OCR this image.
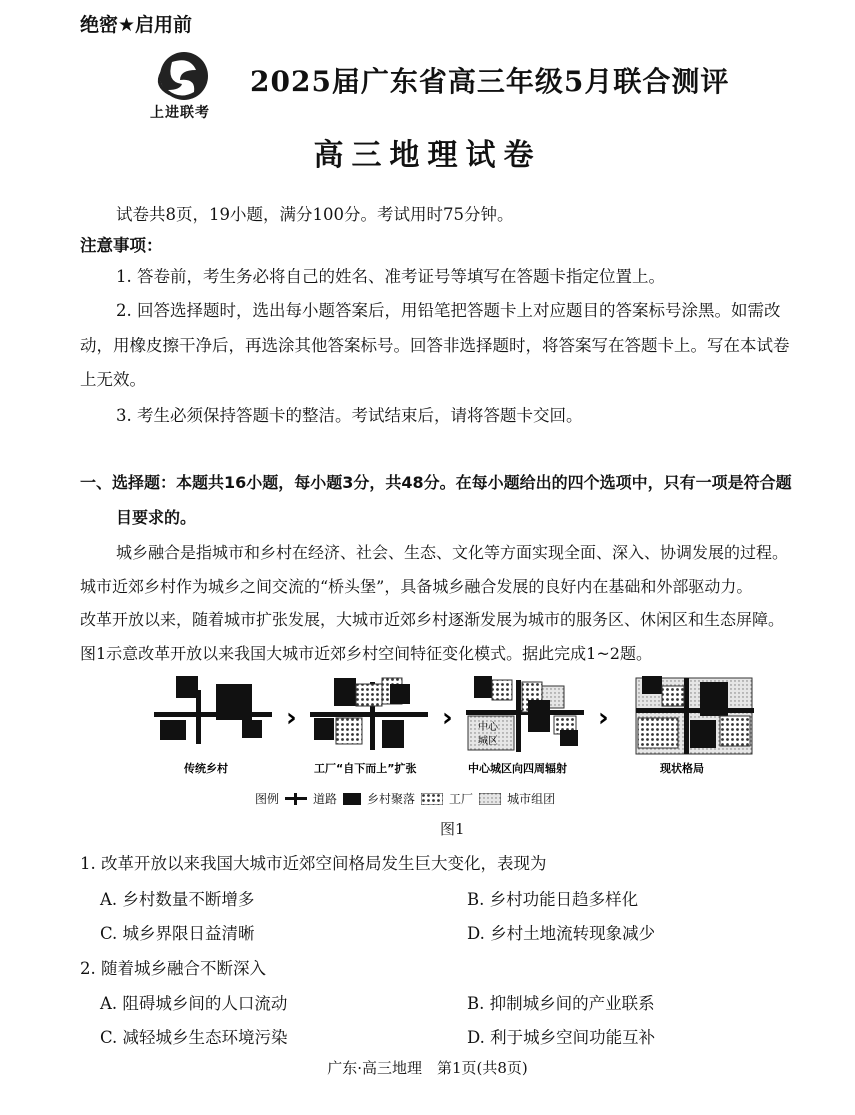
绝密★启用前
上进联考
2025届广东省高三年级5月联合测评
高三地理试卷
试卷共8页，19小题，满分100分。考试用时75分钟。
注意事项：
1. 答卷前，考生务必将自己的姓名、准考证号等填写在答题卡指定位置上。
2. 回答选择题时，选出每小题答案后，用铅笔把答题卡上对应题目的答案标号涂黑。如需改
动，用橡皮擦干净后，再选涂其他答案标号。回答非选择题时，将答案写在答题卡上。写在本试卷
上无效。
3. 考生必须保持答题卡的整洁。考试结束后，请将答题卡交回。
一、选择题：本题共16小题，每小题3分，共48分。在每小题给出的四个选项中，只有一项是符合题
目要求的。
城乡融合是指城市和乡村在经济、社会、生态、文化等方面实现全面、深入、协调发展的过程。
城市近郊乡村作为城乡之间交流的“桥头堡”，具备城乡融合发展的良好内在基础和外部驱动力。
改革开放以来，随着城市扩张发展，大城市近郊乡村逐渐发展为城市的服务区、休闲区和生态屏障。
图1示意改革开放以来我国大城市近郊乡村空间特征变化模式。据此完成1~2题。
›	›	中心
城区
›
传统乡村	工厂“自下而上”扩张	中心城区向四周辐射	现状格局
图例	道路	乡村聚落	工厂	城市组团
图1
1. 改革开放以来我国大城市近郊空间格局发生巨大变化，表现为
A. 乡村数量不断增多	B. 乡村功能日趋多样化
C. 城乡界限日益清晰	D. 乡村土地流转现象减少
2. 随着城乡融合不断深入
A. 阻碍城乡间的人口流动	B. 抑制城乡间的产业联系
C. 减轻城乡生态环境污染	D. 利于城乡空间功能互补
广东·高三地理　第1页(共8页)
